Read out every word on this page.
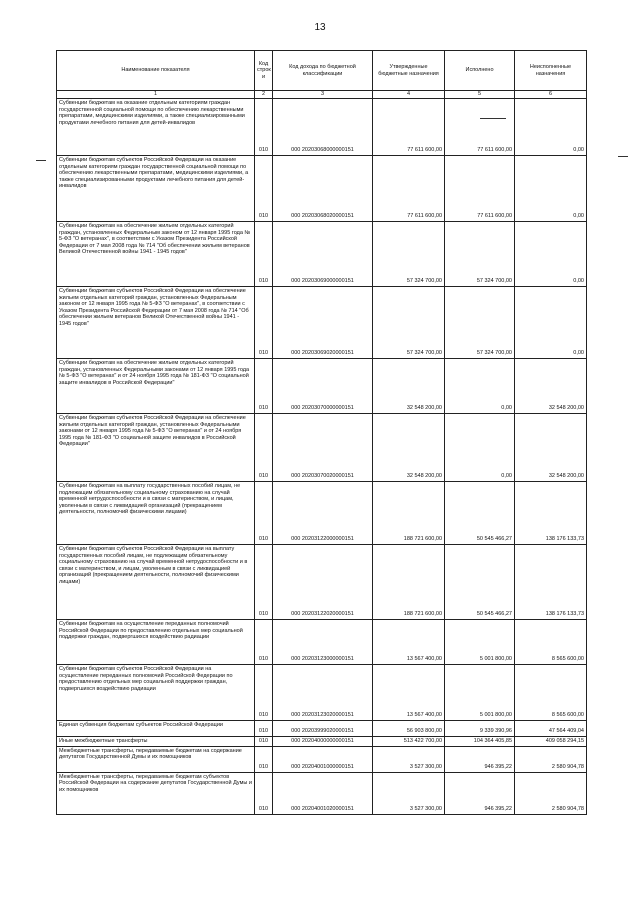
13
Наименование показателя	Код строк и	Код дохода по бюджетной классификации	Утвержденные бюджетные назначения	Исполнено	Неисполненные назначения
1	2	3	4	5	6
Субвенции бюджетам на оказание отдельным категориям граждан государственной социальной помощи по обеспечению лекарственными препаратами, медицинскими изделиями, а также специализированными продуктами лечебного питания для детей-инвалидов	010	000 20203068000000151	77 611 600,00	77 611 600,00	0,00
Субвенции бюджетам субъектов Российской Федерации на оказание отдельным категориям граждан государственной социальной помощи по обеспечению лекарственными препаратами, медицинскими изделиями, а также специализированными продуктами лечебного питания для детей-инвалидов	010	000 20203068020000151	77 611 600,00	77 611 600,00	0,00
Субвенции бюджетам на обеспечение жильем отдельных категорий граждан, установленных Федеральным законом от 12 января 1995 года № 5-ФЗ "О ветеранах", в соответствии с Указом Президента Российской Федерации от 7 мая 2008 года № 714 "Об обеспечении жильем ветеранов Великой Отечественной войны 1941 - 1945 годов"	010	000 20203069000000151	57 324 700,00	57 324 700,00	0,00
Субвенции бюджетам субъектов Российской Федерации на обеспечение жильем отдельных категорий граждан, установленных Федеральным законом от 12 января 1995 года № 5-ФЗ "О ветеранах", в соответствии с Указом Президента Российской Федерации от 7 мая 2008 года № 714 "Об обеспечении жильем ветеранов Великой Отечественной войны 1941 - 1945 годов"	010	000 20203069020000151	57 324 700,00	57 324 700,00	0,00
Субвенции бюджетам на обеспечение жильем отдельных категорий граждан, установленных Федеральными законами от 12 января 1995 года № 5-ФЗ "О ветеранах" и от 24 ноября 1995 года № 181-ФЗ "О социальной защите инвалидов в Российской Федерации"	010	000 20203070000000151	32 548 200,00	0,00	32 548 200,00
Субвенции бюджетам субъектов Российской Федерации на обеспечение жильем отдельных категорий граждан, установленных Федеральными законами от 12 января 1995 года № 5-ФЗ "О ветеранах" и от 24 ноября 1995 года № 181-ФЗ "О социальной защите инвалидов в Российской Федерации"	010	000 20203070020000151	32 548 200,00	0,00	32 548 200,00
Субвенции бюджетам на выплату государственных пособий лицам, не подлежащим обязательному социальному страхованию на случай временной нетрудоспособности и в связи с материнством, и лицам, уволенным в связи с ликвидацией организаций (прекращением деятельности, полномочий физическими лицами)	010	000 20203122000000151	188 721 600,00	50 545 466,27	138 176 133,73
Субвенции бюджетам субъектов Российской Федерации на выплату государственных пособий лицам, не подлежащим обязательному социальному страхованию на случай временной нетрудоспособности и в связи с материнством, и лицам, уволенным в связи с ликвидацией организаций (прекращением деятельности, полномочий физическими лицами)	010	000 20203122020000151	188 721 600,00	50 545 466,27	138 176 133,73
Субвенции бюджетам на осуществление переданных полномочий Российской Федерации по предоставлению отдельных мер социальной поддержки граждан, подвергшихся воздействию радиации	010	000 20203123000000151	13 567 400,00	5 001 800,00	8 565 600,00
Субвенции бюджетам субъектов Российской Федерации на осуществление переданных полномочий Российской Федерации по предоставлению отдельных мер социальной поддержки граждан, подвергшихся воздействию радиации	010	000 20203123020000151	13 567 400,00	5 001 800,00	8 565 600,00
Единая субвенция бюджетам субъектов Российской Федерации	010	000 20203999020000151	56 903 800,00	9 339 390,96	47 564 409,04
Иные межбюджетные трансферты	010	000 20204000000000151	513 422 700,00	104 364 405,85	409 058 294,15
Межбюджетные трансферты, передаваемые бюджетам на содержание депутатов Государственной Думы и их помощников	010	000 20204001000000151	3 527 300,00	946 395,22	2 580 904,78
Межбюджетные трансферты, передаваемые бюджетам субъектов Российской Федерации на содержание депутатов Государственной Думы и их помощников	010	000 20204001020000151	3 527 300,00	946 395,22	2 580 904,78
